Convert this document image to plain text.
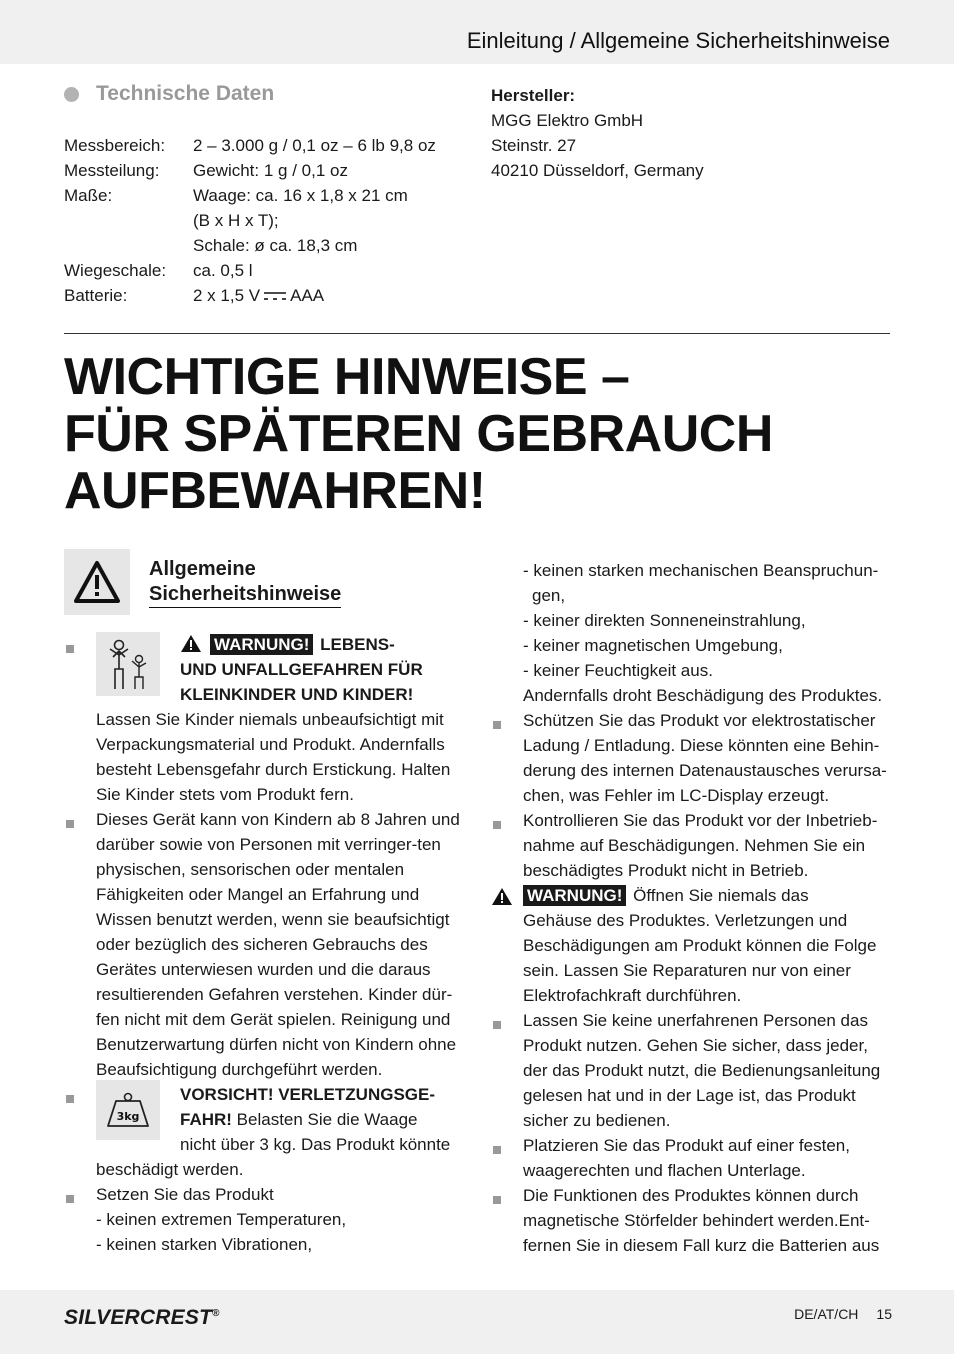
Einleitung / Allgemeine Sicherheitshinweise
Technische Daten
Messbereich:	2 – 3.000 g / 0,1 oz – 6 lb 9,8 oz
Messteilung:	Gewicht: 1 g / 0,1 oz
Maße:	Waage: ca. 16 x 1,8 x 21 cm
(B x H x T);
Schale: ø ca. 18,3 cm
Wiegeschale:	ca. 0,5 l
Batterie:	2 x 1,5 V AAA
Hersteller:
MGG Elektro GmbH
Steinstr. 27
40210 Düsseldorf, Germany
WICHTIGE HINWEISE –
FÜR SPÄTEREN GEBRAUCH
AUFBEWAHREN!
Allgemeine
Sicherheitshinweise
WARNUNG! LEBENS-
UND UNFALLGEFAHREN FÜR
KLEINKINDER UND KINDER!
Lassen Sie Kinder niemals unbeaufsichtigt mit Verpackungsmaterial und Produkt. Andernfalls besteht Lebensgefahr durch Erstickung. Halten Sie Kinder stets vom Produkt fern.
Dieses Gerät kann von Kindern ab 8 Jahren und darüber sowie von Personen mit verringer-ten physischen, sensorischen oder mentalen Fähigkeiten oder Mangel an Erfahrung und Wissen benutzt werden, wenn sie beaufsichtigt oder bezüglich des sicheren Gebrauchs des Gerätes unterwiesen wurden und die daraus resultierenden Gefahren verstehen. Kinder dür-fen nicht mit dem Gerät spielen. Reinigung und Benutzerwartung dürfen nicht von Kindern ohne Beaufsichtigung durchgeführt werden.
3kg
VORSICHT! VERLETZUNGSGE-
FAHR! Belasten Sie die Waage
nicht über 3 kg. Das Produkt könnte
beschädigt werden.
Setzen Sie das Produkt
- keinen extremen Temperaturen,
- keinen starken Vibrationen,
- keinen starken mechanischen Beanspruchun-
gen,
- keiner direkten Sonneneinstrahlung,
- keiner magnetischen Umgebung,
- keiner Feuchtigkeit aus.
Andernfalls droht Beschädigung des Produktes.
Schützen Sie das Produkt vor elektrostatischer Ladung / Entladung. Diese könnten eine Behin-derung des internen Datenaustausches verursa-chen, was Fehler im LC-Display erzeugt.
Kontrollieren Sie das Produkt vor der Inbetrieb-nahme auf Beschädigungen. Nehmen Sie ein beschädigtes Produkt nicht in Betrieb.
WARNUNG! Öffnen Sie niemals das
Gehäuse des Produktes. Verletzungen und Beschädigungen am Produkt können die Folge sein. Lassen Sie Reparaturen nur von einer Elektrofachkraft durchführen.
Lassen Sie keine unerfahrenen Personen das Produkt nutzen. Gehen Sie sicher, dass jeder, der das Produkt nutzt, die Bedienungsanleitung gelesen hat und in der Lage ist, das Produkt sicher zu bedienen.
Platzieren Sie das Produkt auf einer festen, waagerechten und flachen Unterlage.
Die Funktionen des Produktes können durch magnetische Störfelder behindert werden.Ent-fernen Sie in diesem Fall kurz die Batterien aus
SILVERCREST®	DE/AT/CH 15
